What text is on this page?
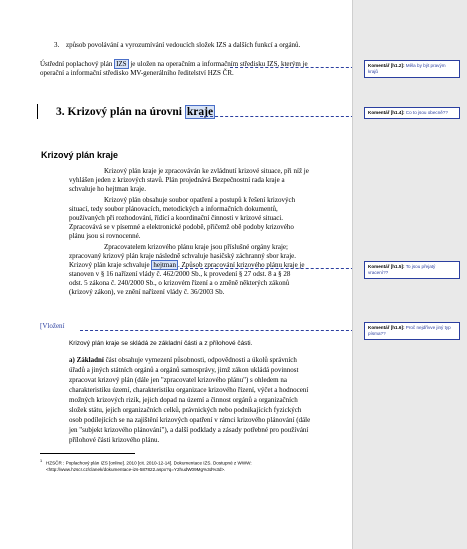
3. způsob povolávání a vyrozumívání vedoucích složek IZS a dalších funkcí a orgánů.
Ústřední poplachový plán IZS je uložen na operačním a informačním středisku IZS, kterým je
operační a informační středisko MV-generálního ředitelství HZS ČR.
3. Krizový plán na úrovni kraje
Krizový plán kraje
Krizový plán kraje je zpracováván ke zvládnutí krizové situace, při níž je
vyhlášen jeden z krizových stavů. Plán projednává Bezpečnostní rada kraje a
schvaluje ho hejtman kraje.
Krizový plán obsahuje soubor opatření a postupů k řešení krizových
situací, tedy soubor plánovacích, metodických a informačních dokumentů,
používaných při rozhodování, řídící a koordinační činnosti v krizové situaci.
Zpracovává se v písemné a elektronické podobě, přičemž obě podoby krizového
plánu jsou si rovnocenné.
Zpracovatelem krizového plánu kraje jsou příslušné orgány kraje;
zpracovaný krizový plán kraje následně schvaluje hasičský záchranný sbor kraje.
Krizový plán kraje schvaluje hejtman . Způsob zpracování krizového plánu kraje je
stanoven v § 16 nařízení vlády č. 462/2000 Sb., k provedení § 27 odst. 8 a § 28
odst. 5 zákona č. 240/2000 Sb., o krizovém řízení a o změně některých zákonů
(krizový zákon), ve znění nařízení vlády č. 36/2003 Sb.
[Vložení
Krizový plán kraje se skládá ze základní části a z přílohové části.
a) Základní část obsahuje vymezení působnosti, odpovědnosti a úkolů správních
úřadů a jiných státních orgánů a orgánů samosprávy, jimž zákon ukládá povinnost
zpracovat krizový plán (dále jen "zpracovatel krizového plánu") s ohledem na
charakteristiku území, charakteristiku organizace krizového řízení, výčet a hodnocení
možných krizových rizik, jejich dopad na území a činnost orgánů a organizačních
složek státu, jejich organizačních celků, právnických nebo podnikajících fyzických
osob podílejících se na zajištění krizových opatření v rámci krizového plánování (dále
jen "subjekt krizového plánování"), a další podklady a zásady potřebné pro používání
přílohové části krizového plánu.
$^1$ HZSČR : Poplachový plán IZS [online]. 2010 [cit. 2010-12-14]. Dokumentace IZS. Dostupné z WWW:
<http://www.hzscr.cz/clanek/dokumentace-izs-587822.aspx?q=Y2hudW09Mg%3d%3d>.
Komentář [h1.2]: Měla by být pravým krajů
Komentář [h1.4]: Co to jsou obecně??
Komentář [h1.5]: To jsou přejatý vracení??
Komentář [h1.6]: Proč nejdřívve jiný typ písma??
